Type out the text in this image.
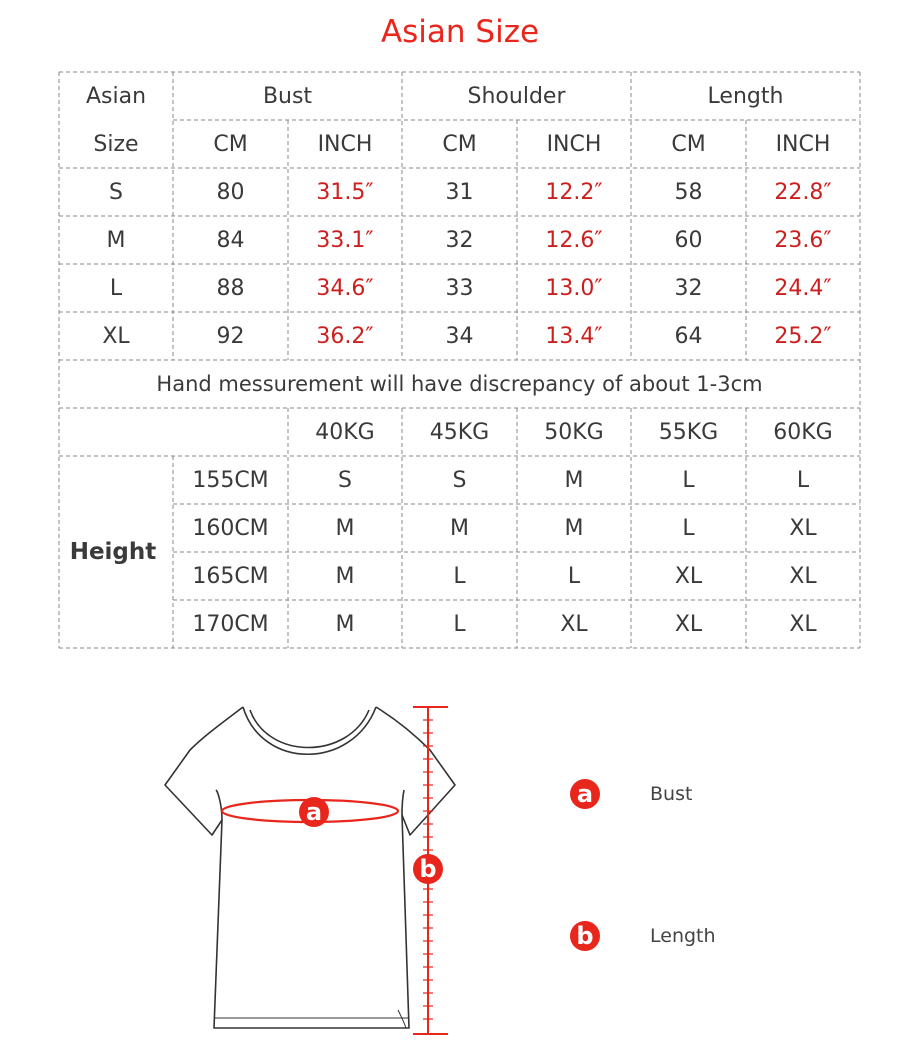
Asian Size
Asian
Size
Bust	Shoulder	Length
CM	INCH	CM	INCH	CM	INCH
S	80	31.5″	31	12.2″	58	22.8″
M	84	33.1″	32	12.6″	60	23.6″
L	88	34.6″	33	13.0″	32	24.4″
XL	92	36.2″	34	13.4″	64	25.2″
Hand messurement will have discrepancy of about 1-3cm
40KG	45KG	50KG	55KG	60KG
Height
155CM	S	S	M	L	L
160CM	M	M	M	L	XL
165CM	M	L	L	XL	XL
170CM	M	L	XL	XL	XL
a
b
a	Bust
b	Length
